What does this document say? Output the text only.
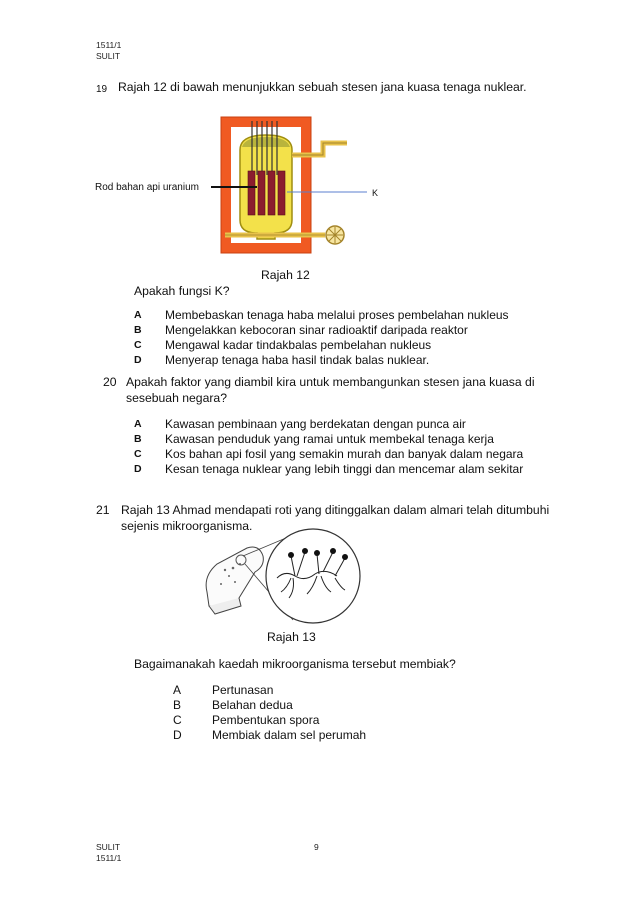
1511/1
SULIT
19 Rajah 12 di bawah menunjukkan sebuah stesen jana kuasa tenaga nuklear.
Rod bahan api uranium	K
Rajah 12
Apakah fungsi K?
A Membebaskan tenaga haba melalui proses pembelahan nukleus
B Mengelakkan kebocoran sinar radioaktif daripada reaktor
C Mengawal kadar tindakbalas pembelahan nukleus
D Menyerap tenaga haba hasil tindak balas nuklear.
20 Apakah faktor yang diambil kira untuk membangunkan stesen jana kuasa di
sesebuah negara?
A Kawasan pembinaan yang berdekatan dengan punca air
B Kawasan penduduk yang ramai untuk membekal tenaga kerja
C Kos bahan api fosil yang semakin murah dan banyak dalam negara
D Kesan tenaga nuklear yang lebih tinggi dan mencemar alam sekitar
21 Rajah 13 Ahmad mendapati roti yang ditinggalkan dalam almari telah ditumbuhi
sejenis mikroorganisma.
Rajah 13
Bagaimanakah kaedah mikroorganisma tersebut membiak?
A	Pertunasan
B	Belahan dedua
C	Pembentukan spora
D	Membiak dalam sel perumah
SULIT	9
1511/1
